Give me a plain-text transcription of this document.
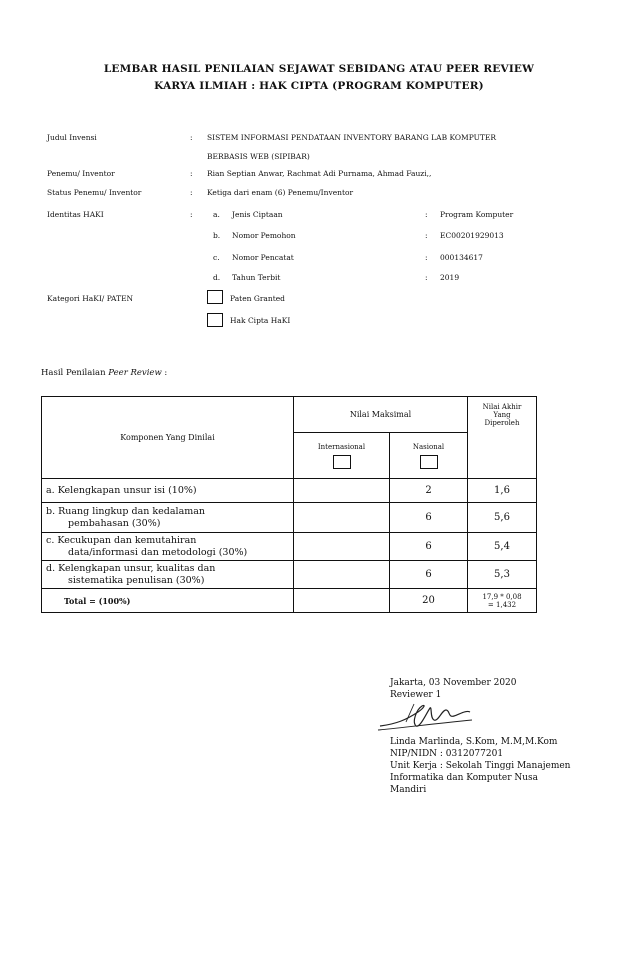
LEMBAR HASIL PENILAIAN SEJAWAT SEBIDANG ATAU PEER REVIEW
KARYA ILMIAH : HAK CIPTA (PROGRAM KOMPUTER)
Judul Invensi	: SISTEM INFORMASI PENDATAAN INVENTORY BARANG LAB KOMPUTER
BERBASIS WEB (SIPIBAR)
Penemu/ Inventor	: Rian Septian Anwar, Rachmat Adi Purnama, Ahmad Fauzi,,
Status Penemu/ Inventor	: Ketiga dari enam (6) Penemu/Inventor
Identitas HAKI	:	a. Jenis Ciptaan	: Program Komputer
b. Nomor Pemohon	: EC00201929013
c. Nomor Pencatat	: 000134617
d. Tahun Terbit	: 2019
Kategori HaKI/ PATEN	Paten Granted
Hak Cipta HaKI
Hasil Penilaian Peer Review :
Komponen Yang Dinilai	Nilai Maksimal		Nilai Akhir
Yang
Diperoleh

	Internasional	Nasional	

a. Kelengkapan unsur isi (10%)		2	1,6

b. Ruang lingkup dan kedalaman
pembahasan (30%)		6	5,6

c. Kecukupan dan kemutahiran
data/informasi dan metodologi (30%)		6	5,4

d. Kelengkapan unsur, kualitas dan
sistematika penulisan (30%)		6	5,3
Total = (100%)		20	17,9 * 0,08
= 1,432
Jakarta, 03 November 2020
Reviewer 1
Linda Marlinda, S.Kom, M.M,M.Kom
NIP/NIDN : 0312077201
Unit Kerja : Sekolah Tinggi Manajemen
Informatika dan Komputer Nusa
Mandiri
